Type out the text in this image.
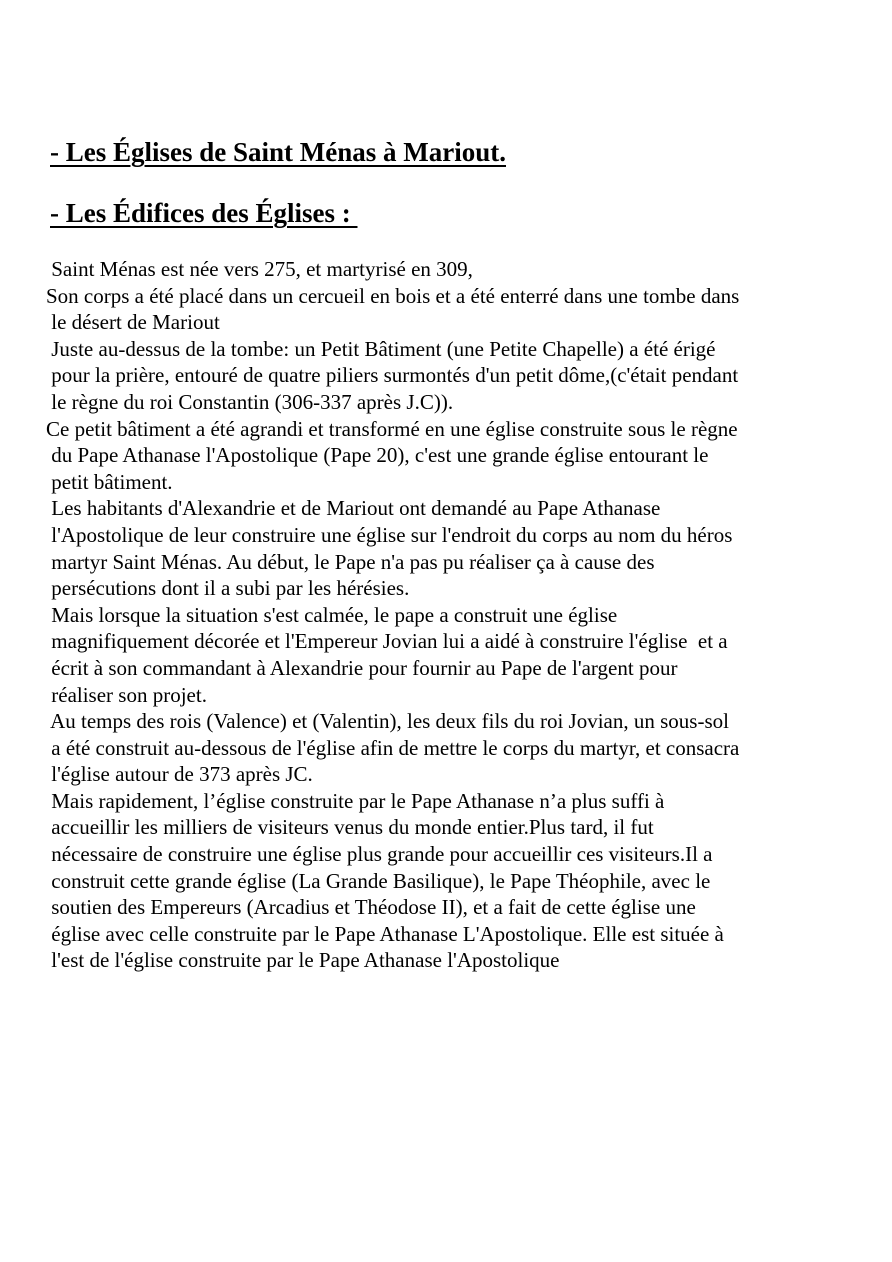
- Les Églises de Saint Ménas à Mariout.
- Les Édifices des Églises :
Saint Ménas est née vers 275, et martyrisé en 309,
Son corps a été placé dans un cercueil en bois et a été enterré dans une tombe dans
le désert de Mariout
Juste au-dessus de la tombe: un Petit Bâtiment (une Petite Chapelle) a été érigé
pour la prière, entouré de quatre piliers surmontés d'un petit dôme,(c'était pendant
le règne du roi Constantin (306-337 après J.C)).
Ce petit bâtiment a été agrandi et transformé en une église construite sous le règne
du Pape Athanase l'Apostolique (Pape 20), c'est une grande église entourant le
petit bâtiment.
Les habitants d'Alexandrie et de Mariout ont demandé au Pape Athanase
l'Apostolique de leur construire une église sur l'endroit du corps au nom du héros
martyr Saint Ménas. Au début, le Pape n'a pas pu réaliser ça à cause des
persécutions dont il a subi par les hérésies.
Mais lorsque la situation s'est calmée, le pape a construit une église
magnifiquement décorée et l'Empereur Jovian lui a aidé à construire l'église  et a
écrit à son commandant à Alexandrie pour fournir au Pape de l'argent pour
réaliser son projet.
Au temps des rois (Valence) et (Valentin), les deux fils du roi Jovian, un sous-sol
a été construit au-dessous de l'église afin de mettre le corps du martyr, et consacra
l'église autour de 373 après JC.
Mais rapidement, l’église construite par le Pape Athanase n’a plus suffi à
accueillir les milliers de visiteurs venus du monde entier.Plus tard, il fut
nécessaire de construire une église plus grande pour accueillir ces visiteurs.Il a
construit cette grande église (La Grande Basilique), le Pape Théophile, avec le
soutien des Empereurs (Arcadius et Théodose II), et a fait de cette église une
église avec celle construite par le Pape Athanase L'Apostolique. Elle est située à
l'est de l'église construite par le Pape Athanase l'Apostolique
